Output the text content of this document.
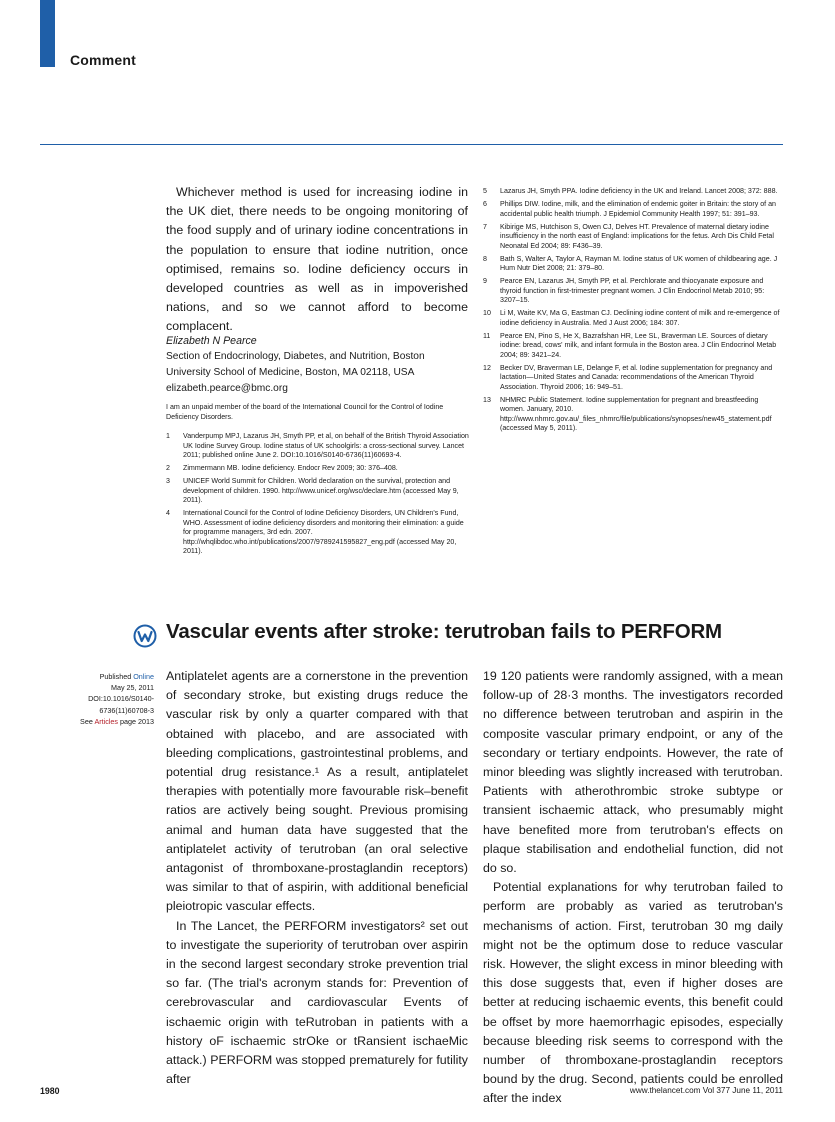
Comment

Whichever method is used for increasing iodine in the UK diet, there needs to be ongoing monitoring of the food supply and of urinary iodine concentrations in the population to ensure that iodine nutrition, once optimised, remains so. Iodine deficiency occurs in developed countries as well as in impoverished nations, and so we cannot afford to become complacent.

Elizabeth N Pearce
Section of Endocrinology, Diabetes, and Nutrition, Boston
University School of Medicine, Boston, MA 02118, USA
elizabeth.pearce@bmc.org
I am an unpaid member of the board of the International Council for the Control of Iodine Deficiency Disorders.
1 Vanderpump MPJ, Lazarus JH, Smyth PP, et al, on behalf of the British Thyroid Association UK Iodine Survey Group. Iodine status of UK schoolgirls: a cross-sectional survey. Lancet 2011; published online June 2. DOI:10.1016/S0140-6736(11)60693-4.
2 Zimmermann MB. Iodine deficiency. Endocr Rev 2009; 30: 376–408.
3 UNICEF World Summit for Children. World declaration on the survival, protection and development of children. 1990. http://www.unicef.org/wsc/declare.htm (accessed May 9, 2011).
4 International Council for the Control of Iodine Deficiency Disorders, UN Children's Fund, WHO. Assessment of iodine deficiency disorders and monitoring their elimination: a guide for programme managers, 3rd edn. 2007. http://whqlibdoc.who.int/publications/2007/9789241595827_eng.pdf (accessed May 20, 2011).
5 Lazarus JH, Smyth PPA. Iodine deficiency in the UK and Ireland. Lancet 2008; 372: 888.
6 Phillips DIW. Iodine, milk, and the elimination of endemic goiter in Britain: the story of an accidental public health triumph. J Epidemiol Community Health 1997; 51: 391–93.
7 Kibirige MS, Hutchison S, Owen CJ, Delves HT. Prevalence of maternal dietary iodine insufficiency in the north east of England: implications for the fetus. Arch Dis Child Fetal Neonatal Ed 2004; 89: F436–39.
8 Bath S, Walter A, Taylor A, Rayman M. Iodine status of UK women of childbearing age. J Hum Nutr Diet 2008; 21: 379–80.
9 Pearce EN, Lazarus JH, Smyth PP, et al. Perchlorate and thiocyanate exposure and thyroid function in first-trimester pregnant women. J Clin Endocrinol Metab 2010; 95: 3207–15.
10 Li M, Waite KV, Ma G, Eastman CJ. Declining iodine content of milk and re-emergence of iodine deficiency in Australia. Med J Aust 2006; 184: 307.
11 Pearce EN, Pino S, He X, Bazrafshan HR, Lee SL, Braverman LE. Sources of dietary iodine: bread, cows' milk, and infant formula in the Boston area. J Clin Endocrinol Metab 2004; 89: 3421–24.
12 Becker DV, Braverman LE, Delange F, et al. Iodine supplementation for pregnancy and lactation—United States and Canada: recommendations of the American Thyroid Association. Thyroid 2006; 16: 949–51.
13 NHMRC Public Statement. Iodine supplementation for pregnant and breastfeeding women. January, 2010. http://www.nhmrc.gov.au/_files_nhmrc/file/publications/synopses/new45_statement.pdf (accessed May 5, 2011).
Vascular events after stroke: terutroban fails to PERFORM
Published Online
May 25, 2011
DOI:10.1016/S0140-
6736(11)60708-3
See Articles page 2013

Antiplatelet agents are a cornerstone in the prevention of secondary stroke, but existing drugs reduce the vascular risk by only a quarter compared with that obtained with placebo, and are associated with bleeding complications, gastrointestinal problems, and potential drug resistance.¹ As a result, antiplatelet therapies with potentially more favourable risk–benefit ratios are actively being sought. Previous promising animal and human data have suggested that the antiplatelet activity of terutroban (an oral selective antagonist of thromboxane-prostaglandin receptors) was similar to that of aspirin, with additional beneficial pleiotropic vascular effects.

In The Lancet, the PERFORM investigators² set out to investigate the superiority of terutroban over aspirin in the second largest secondary stroke prevention trial so far. (The trial's acronym stands for: Prevention of cerebrovascular and cardiovascular Events of ischaemic origin with teRutroban in patients with a history oF ischaemic strOke or tRansient ischaeMic attack.) PERFORM was stopped prematurely for futility after

19 120 patients were randomly assigned, with a mean follow-up of 28·3 months. The investigators recorded no difference between terutroban and aspirin in the composite vascular primary endpoint, or any of the secondary or tertiary endpoints. However, the rate of minor bleeding was slightly increased with terutroban. Patients with atherothrombic stroke subtype or transient ischaemic attack, who presumably might have benefited more from terutroban's effects on plaque stabilisation and endothelial function, did not do so.

Potential explanations for why terutroban failed to perform are probably as varied as terutroban's mechanisms of action. First, terutroban 30 mg daily might not be the optimum dose to reduce vascular risk. However, the slight excess in minor bleeding with this dose suggests that, even if higher doses are better at reducing ischaemic events, this benefit could be offset by more haemorrhagic episodes, especially because bleeding risk seems to correspond with the number of thromboxane-prostaglandin receptors bound by the drug. Second, patients could be enrolled after the index

1980	www.thelancet.com Vol 377 June 11, 2011
